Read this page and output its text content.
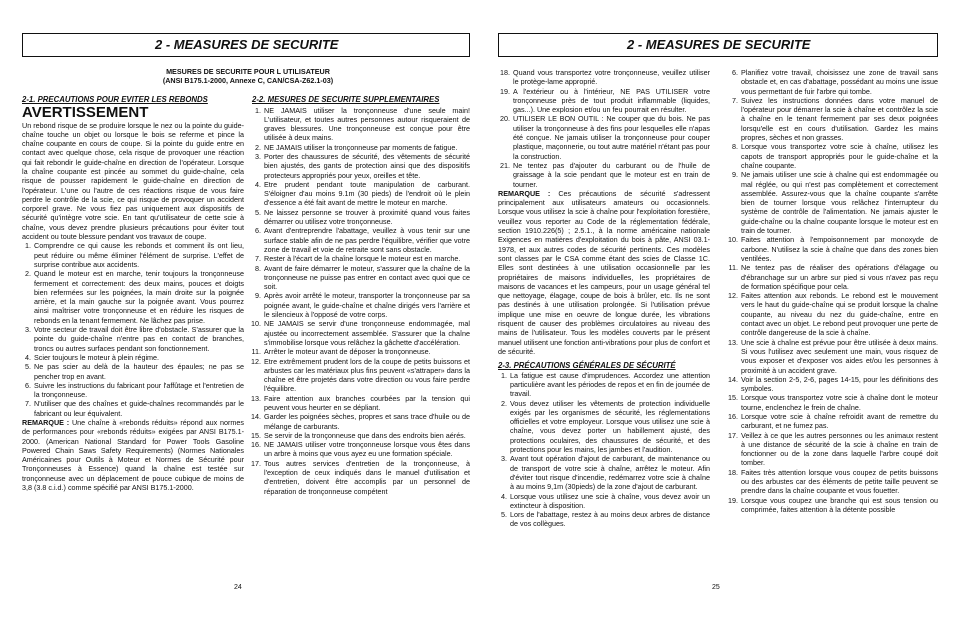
2 - MEASURES DE SECURITE
MESURES DE SECURITE POUR L UTILISATEUR
(ANSI B175.1-2000, Annexe C, CAN/CSA-Z62.1-03)
2-1. PRECAUTIONS POUR EVITER LES REBONDS
AVERTISSEMENT

Un rebond risque de se produire lorsque le nez ou la pointe du guide-chaîne touche un objet ou lorsque le bois se referme et pince la chaîne coupante en cours de coupe. Si la pointe du guide entre en contact avec quelque chose, cela risque de provoquer une réaction qui fait rebondir le guide-chaîne en direction de l'opérateur. Lorsque la chaîne coupante est pincée au sommet du guide-chaîne, cela risque de pousser rapidement le guide-chaîne en direction de l'opérateur. L'une ou l'autre de ces réactions risque de vous faire perdre le contrôle de la scie, ce qui risque de provoquer un accident corporel grave. Ne vous fiez pas uniquement aux dispositifs de sécurité qu'intègre votre scie. En tant qu'utilisateur de cette scie à chaîne, vous devez prendre plusieurs précautions pour éviter tout accident ou toute blessure pendant vos travaux de coupe.

1. Comprendre ce qui cause les rebonds et comment ils ont lieu, peut réduire ou même éliminer l'élément de surprise. L'effet de surprise contribue aux accidents.
2. Quand le moteur est en marche, tenir toujours la tronçonneuse fermement et correctement: des deux mains, pouces et doigts bien refermées sur les poignées, la main droite sur la poignée arrière, et la main gauche sur la poignée avant. Vous pourrez ainsi maîtriser votre tronçonneuse et en réduire les risques de rebonds en la tenant fermement. Ne lâchez pas prise.
3. Votre secteur de travail doit être libre d'obstacle. S'assurer que la pointe du guide-chaîne n'entre pas en contact de branches, troncs ou autres surfaces pendant son fonctionnement.
4. Scier toujours le moteur à plein régime.
5. Ne pas scier au delà de la hauteur des épaules; ne pas se pencher trop en avant.
6. Suivre les instructions du fabricant pour l'affûtage et l'entretien de la tronçonneuse.
7. N'utiliser que des chaînes et guide-chaînes recommandés par le fabricant ou leur équivalent.

REMARQUE : Une chaîne à «rebonds réduits» répond aux normes de performances pour «rebonds réduits» exigées par ANSI B175.1-2000. (American National Standard for Power Tools Gasoline Powered Chain Saws Safety Requirements) (Normes Nationales Américaines pour Outils à Moteur et Normes de Sécurité pour Tronçonneuses à Essence) quand la chaîne est testée sur tronçonneuse avec un déplacement de pouce cubique de moins de 3,8 (3.8 c.i.d.) comme spécifié par ANSI B175.1-2000.

2-2. MESURES DE SECURITE SUPPLEMENTAIRES
1. NE JAMAIS utiliser la tronçonneuse d'une seule main! L'utilisateur, et toutes autres personnes autour risqueraient de graves blessures. Une tronçonneuse est conçue pour être utilisée à deux mains.
2. NE JAMAIS utiliser la tronçonneuse par moments de fatigue.
3. Porter des chaussures de sécurité, des vêtements de sécurité bien ajustés, des gants de protection ainsi que des dispositifs protecteurs appropriés pour yeux, oreilles et tête.
4. Etre prudent pendant toute manipulation de carburant. S'éloigner d'au moins 9.1m (30 pieds) de l'endroit où le plein d'essence a été fait avant de mettre le moteur en marche.
5. Ne laissez personne se trouver à proximité quand vous faites démarrer ou utilisez votre tronçonneuse.
6. Avant d'entreprendre l'abattage, veuillez à vous tenir sur une surface stable afin de ne pas perdre l'équilibre, vérifier que votre zone de travail et voie de retraite sont sans obstacle.
7. Rester à l'écart de la chaîne lorsque le moteur est en marche.
8. Avant de faire démarrer le moteur, s'assurer que la chaîne de la tronçonneuse ne puisse pas entrer en contact avec quoi que ce soit.
9. Après avoir arrêté le moteur, transporter la tronçonneuse par sa poignée avant, le guide-chaîne et chaîne dirigés vers l'arrière et le silencieux à l'opposé de votre corps.
10. NE JAMAIS se servir d'une tronçonneuse endommagée, mal ajustée ou incorrectement assemblée. S'assurer que la chaîne s'immobilise lorsque vous relâchez la gâchette d'accélération.
11. Arrêter le moteur avant de déposer la tronçonneuse.
12. Etre extrêmement prudent lors de la coupe de petits buissons et arbustes car les matériaux plus fins peuvent «s'attraper» dans la chaîne et être projetés dans votre direction ou vous faire perdre l'équilibre.
13. Faire attention aux branches courbées par la tension qui peuvent vous heurter en se dépliant.
14. Garder les poignées sèches, propres et sans trace d'huile ou de mélange de carburants.
15. Se servir de la tronçonneuse que dans des endroits bien aérés.
16. NE JAMAIS utiliser votre tronçonneuse lorsque vous êtes dans un arbre à moins que vous ayez eu une formation spéciale.
17. Tous autres services d'entretien de la tronçonneuse, à l'exception de ceux indiqués dans le manuel d'utilisation et d'entretien, doivent être accomplis par un personnel de réparation de tronçonneuse compétent
24
2 - MEASURES DE SECURITE
18. Quand vous transportez votre tronçonneuse, veuillez utiliser le protège-lame approprié.
19. A l'extérieur ou à l'intérieur, NE PAS UTILISER votre tronçonneuse près de tout produit inflammable (liquides, gas...). Une explosion et/ou un feu pourrait en résulter.
20. UTILISER LE BON OUTIL : Ne couper que du bois. Ne pas utiliser la tronçonneuse à des fins pour lesquelles elle n'apas été conçue. Ne jamais utiliser la tronçonneuse pour couper plastique, maçonnerie, ou tout autre matériel n'étant pas pour la construction.
21. Ne tentez pas d'ajouter du carburant ou de l'huile de graissage à la scie pendant que le moteur est en train de tourner.

REMARQUE : Ces précautions de sécurité s'adressent principalement aux utilisateurs amateurs ou occasionnels. Lorsque vous utilisez la scie à chaîne pour l'exploitation forestière, veuillez vous reporter au Code de la réglementation fédérale, section 1910.226(5) ; 2.5.1., à la norme américaine nationale Exigences en matières d'exploitation du bois à pâte, ANSI 03.1-1978, et aux autres codes de sécurité pertinents. Ces modèles sont classes par le CSA comme étant des scies de Classe 1C. Elles sont destinées à une utilisation occasionnelle par les propriétaires de maisons individuelles, les propriétaires de maisons de vacances et les campeurs, pour un usage général tel que nettoyage, élagage, coupe de bois à brûler, etc. Ils ne sont pas destinés à une utilisation prolongée. Si l'utilisation prévue implique une mise en oeuvre de longue durée, les vibrations risquent de causer des problèmes circulatoires au niveau des mains de l'utilisateur. Tous les modèles couverts par le présent manuel utilisent une fonction anti-vibrations pour plus de confort et de sécurité.

2-3. PRÉCAUTIONS GÉNÉRALES DE SÉCURITÉ
1. La fatigue est cause d'imprudences. Accordez une attention particulière avant les périodes de repos et en fin de journée de travail.
2. Vous devez utiliser les vêtements de protection individuelle exigés par les organismes de sécurité, les réglementations officielles et votre employeur. Lorsque vous utilisez une scie à chaîne, vous devez porter un habillement ajusté, des protections oculaires, des chaussures de sécurité, et des protections pour les mains, les jambes et l'audition.
3. Avant tout opération d'ajout de carburant, de maintenance ou de transport de votre scie à chaîne, arrêtez le moteur. Afin d'éviter tout risque d'incendie, redémarrez votre scie à chaîne à au moins 9,1m (30pieds) de la zone d'ajout de carburant.
4. Lorsque vous utilisez une scie à chaîne, vous devez avoir un extincteur à disposition.
5. Lors de l'abattage, restez à au moins deux arbres de distance de vos collègues.
6. Planifiez votre travail, choisissez une zone de travail sans obstacle et, en cas d'abattage, possédant au moins une issue vous permettant de fuir l'arbre qui tombe.
7. Suivez les instructions données dans votre manuel de l'opérateur pour démarrer la scie à chaîne et contrôlez la scie à chaîne en le tenant fermement par ses deux poignées lorsqu'elle est en cours d'utilisation. Gardez les mains propres, sèches et non grasses.
8. Lorsque vous transportez votre scie à chaîne, utilisez les capots de transport appropriés pour le guide-chaîne et la chaîne coupante.
9. Ne jamais utiliser une scie à chaîne qui est endommagée ou mal réglée, ou qui n'est pas complètement et correctement assemblée. Assurez-vous que la chaîne coupante s'arrête bien de tourner lorsque vous relâchez l'interrupteur du système de contrôle de l'alimentation. Ne jamais ajuster le guide-chaîne ou la chaîne coupante lorsque le moteur est en train de tourner.
10. Faites attention à l'empoisonnement par monoxyde de carbone. N'utilisez la scie à chaîne que dans des zones bien ventilées.
11. Ne tentez pas de réaliser des opérations d'élagage ou d'ébranchage sur un arbre sur pied si vous n'avez pas reçu de formation spécifique pour cela.
12. Faites attention aux rebonds. Le rebond est le mouvement vers le haut du guide-chaîne qui se produit lorsque la chaîne coupante, au niveau du nez du guide-chaîne, entre en contact avec un objet. Le rebond peut provoquer une perte de contrôle dangereuse de la scie à chaîne.
13. Une scie à chaîne est prévue pour être utilisée à deux mains. Si vous l'utilisez avec seulement une main, vous risquez de vous exposer et d'exposer vos aides et/ou les personnes à proximité à un accident grave.
14. Voir la section 2-5, 2-6, pages 14-15, pour les définitions des symboles.
15. Lorsque vous transportez votre scie à chaîne dont le moteur tourne, enclenchez le frein de chaîne.
16. Lorsque votre scie à chaîne refroidit avant de remettre du carburant, et ne fumez pas.
17. Veillez à ce que les autres personnes ou les animaux restent à une distance de sécurité de la scie à chaîne en train de fonctionner ou de la zone dans laquelle l'arbre coupé doit tomber.
18. Faites très attention lorsque vous coupez de petits buissons ou des arbustes car des éléments de petite taille peuvent se prendre dans la chaîne coupante et vous fouetter.
19. Lorsque vous coupez une branche qui est sous tension ou comprimée, faites attention à la détente possible
25
